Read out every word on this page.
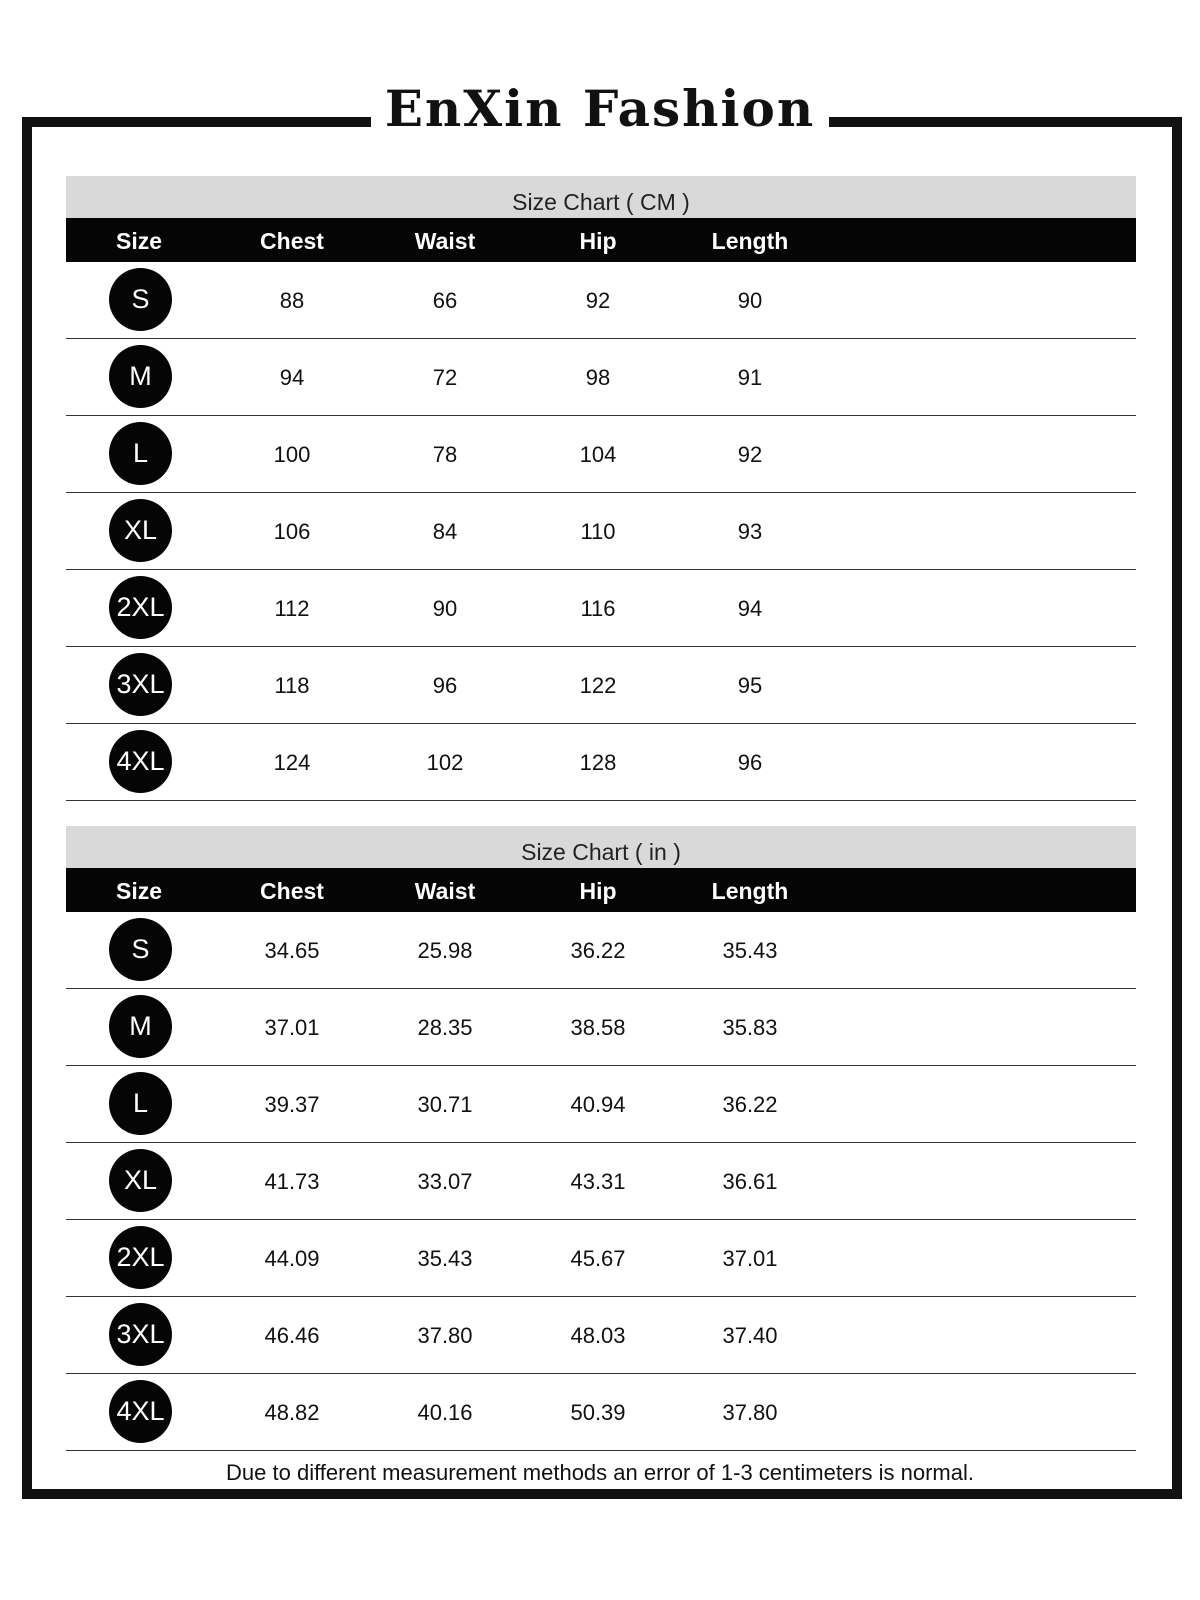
EnXin Fashion
Size Chart ( CM )
Size	Chest	Waist	Hip	Length
S	88	66	92	90
M	94	72	98	91
L	100	78	104	92
XL	106	84	110	93
2XL	112	90	116	94
3XL	118	96	122	95
4XL	124	102	128	96
Size Chart ( in )
Size	Chest	Waist	Hip	Length
S	34.65	25.98	36.22	35.43
M	37.01	28.35	38.58	35.83
L	39.37	30.71	40.94	36.22
XL	41.73	33.07	43.31	36.61
2XL	44.09	35.43	45.67	37.01
3XL	46.46	37.80	48.03	37.40
4XL	48.82	40.16	50.39	37.80
Due to different measurement methods an error of 1-3 centimeters is normal.
